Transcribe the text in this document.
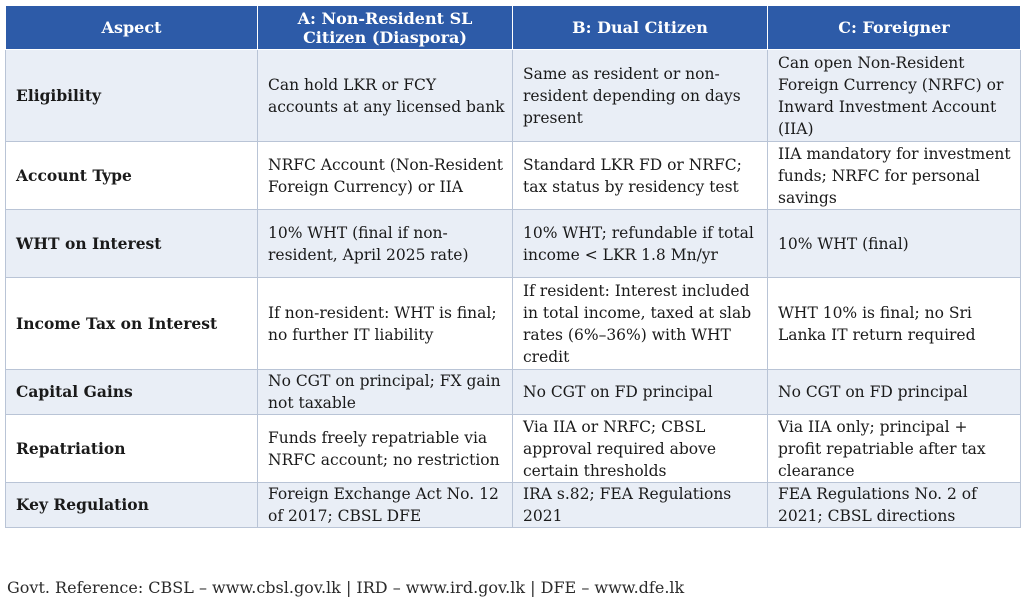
Aspect	A: Non-Resident SL Citizen (Diaspora)	B: Dual Citizen	C: Foreigner
Eligibility	Can hold LKR or FCY accounts at any licensed bank	Same as resident or non-resident depending on days present	Can open Non-Resident Foreign Currency (NRFC) or Inward Investment Account (IIA)
Account Type	NRFC Account (Non-Resident Foreign Currency) or IIA	Standard LKR FD or NRFC; tax status by residency test	IIA mandatory for investment funds; NRFC for personal savings
WHT on Interest	10% WHT (final if non-resident, April 2025 rate)	10% WHT; refundable if total income < LKR 1.8 Mn/yr	10% WHT (final)
Income Tax on Interest	If non-resident: WHT is final; no further IT liability	If resident: Interest included in total income, taxed at slab rates (6%–36%) with WHT credit	WHT 10% is final; no Sri Lanka IT return required
Capital Gains	No CGT on principal; FX gain not taxable	No CGT on FD principal	No CGT on FD principal
Repatriation	Funds freely repatriable via NRFC account; no restriction	Via IIA or NRFC; CBSL approval required above certain thresholds	Via IIA only; principal + profit repatriable after tax clearance
Key Regulation	Foreign Exchange Act No. 12 of 2017; CBSL DFE	IRA s.82; FEA Regulations 2021	FEA Regulations No. 2 of 2021; CBSL directions
Govt. Reference: CBSL – www.cbsl.gov.lk | IRD – www.ird.gov.lk | DFE – www.dfe.lk
